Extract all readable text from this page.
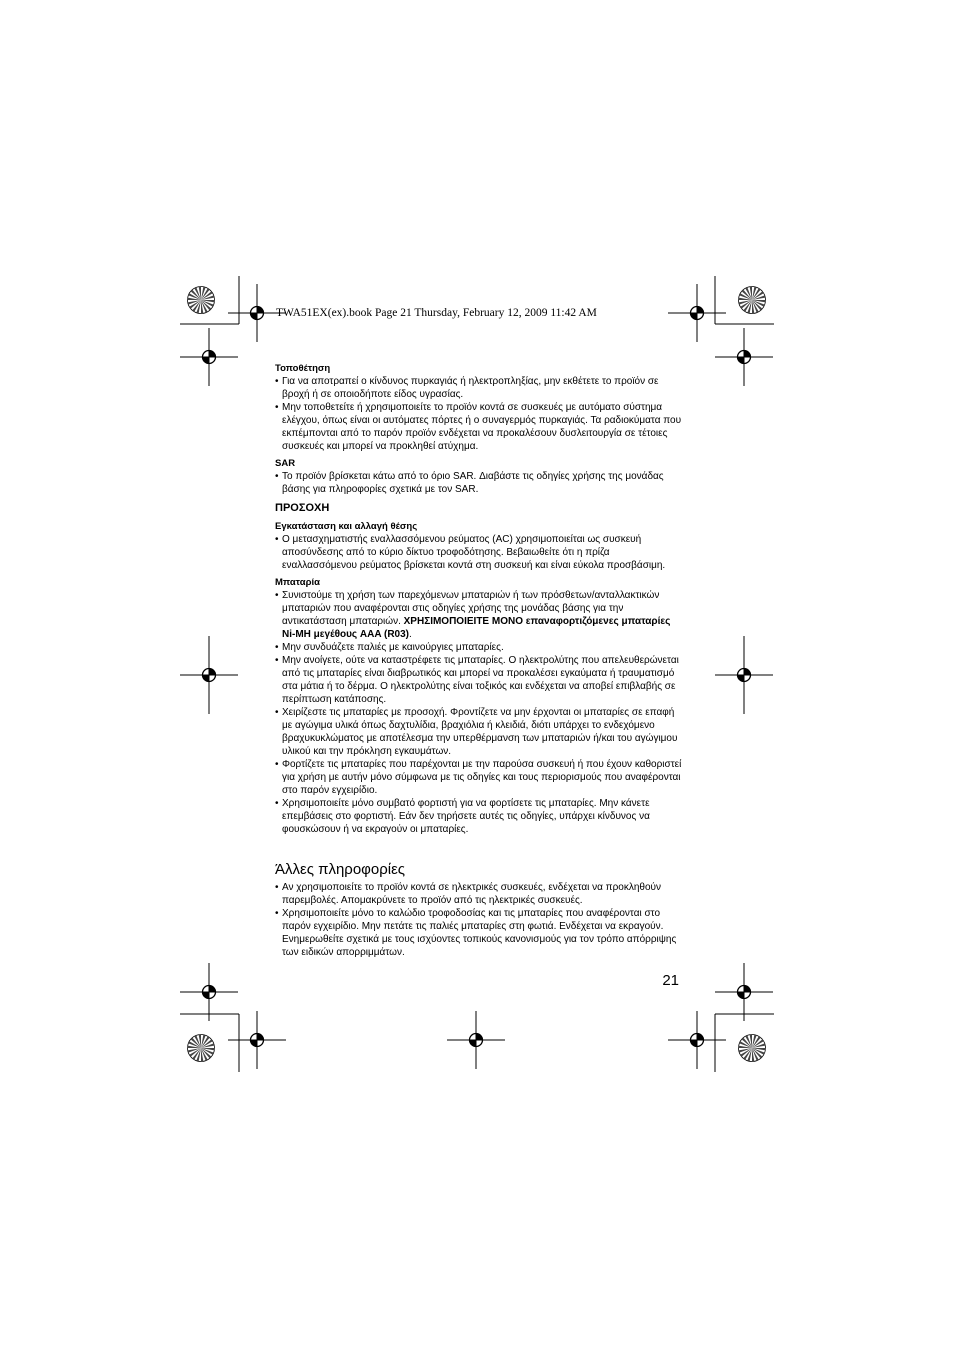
TWA51EX(ex).book Page 21 Thursday, February 12, 2009 11:42 AM
Τοποθέτηση
• Για να αποτραπεί ο κίνδυνος πυρκαγιάς ή ηλεκτροπληξίας, μην εκθέτετε το προϊόν σε βροχή ή σε οποιοδήποτε είδος υγρασίας.
• Μην τοποθετείτε ή χρησιμοποιείτε το προϊόν κοντά σε συσκευές με αυτόματο σύστημα ελέγχου, όπως είναι οι αυτόματες πόρτες ή ο συναγερμός πυρκαγιάς. Τα ραδιοκύματα που εκπέμπονται από το παρόν προϊόν ενδέχεται να προκαλέσουν δυσλειτουργία σε τέτοιες συσκευές και μπορεί να προκληθεί ατύχημα.
SAR
• Το προϊόν βρίσκεται κάτω από το όριο SAR. Διαβάστε τις οδηγίες χρήσης της μονάδας βάσης για πληροφορίες σχετικά με τον SAR.
ΠΡΟΣΟΧΗ
Εγκατάσταση και αλλαγή θέσης
• Ο μετασχηματιστής εναλλασσόμενου ρεύματος (AC) χρησιμοποιείται ως συσκευή αποσύνδεσης από το κύριο δίκτυο τροφοδότησης. Βεβαιωθείτε ότι η πρίζα εναλλασσόμενου ρεύματος βρίσκεται κοντά στη συσκευή και είναι εύκολα προσβάσιμη.
Μπαταρία
• Συνιστούμε τη χρήση των παρεχόμενων μπαταριών ή των πρόσθετων/ανταλλακτικών μπαταριών που αναφέρονται στις οδηγίες χρήσης της μονάδας βάσης για την αντικατάσταση μπαταριών. ΧΡΗΣΙΜΟΠΟΙΕΙΤΕ ΜΟΝΟ επαναφορτιζόμενες μπαταρίες Ni-MH μεγέθους AAA (R03).
• Μην συνδυάζετε παλιές με καινούργιες μπαταρίες.
• Μην ανοίγετε, ούτε να καταστρέφετε τις μπαταρίες. Ο ηλεκτρολύτης που απελευθερώνεται από τις μπαταρίες είναι διαβρωτικός και μπορεί να προκαλέσει εγκαύματα ή τραυματισμό στα μάτια ή το δέρμα. Ο ηλεκτρολύτης είναι τοξικός και ενδέχεται να αποβεί επιβλαβής σε περίπτωση κατάποσης.
• Χειρίζεστε τις μπαταρίες με προσοχή. Φροντίζετε να μην έρχονται οι μπαταρίες σε επαφή με αγώγιμα υλικά όπως δαχτυλίδια, βραχιόλια ή κλειδιά, διότι υπάρχει το ενδεχόμενο βραχυκυκλώματος με αποτέλεσμα την υπερθέρμανση των μπαταριών ή/και του αγώγιμου υλικού και την πρόκληση εγκαυμάτων.
• Φορτίζετε τις μπαταρίες που παρέχονται με την παρούσα συσκευή ή που έχουν καθοριστεί για χρήση με αυτήν μόνο σύμφωνα με τις οδηγίες και τους περιορισμούς που αναφέρονται στο παρόν εγχειρίδιο.
• Χρησιμοποιείτε μόνο συμβατό φορτιστή για να φορτίσετε τις μπαταρίες. Μην κάνετε επεμβάσεις στο φορτιστή. Εάν δεν τηρήσετε αυτές τις οδηγίες, υπάρχει κίνδυνος να φουσκώσουν ή να εκραγούν οι μπαταρίες.
Άλλες πληροφορίες
• Αν χρησιμοποιείτε το προϊόν κοντά σε ηλεκτρικές συσκευές, ενδέχεται να προκληθούν παρεμβολές. Απομακρύνετε το προϊόν από τις ηλεκτρικές συσκευές.
• Χρησιμοποιείτε μόνο το καλώδιο τροφοδοσίας και τις μπαταρίες που αναφέρονται στο παρόν εγχειρίδιο. Μην πετάτε τις παλιές μπαταρίες στη φωτιά. Ενδέχεται να εκραγούν. Ενημερωθείτε σχετικά με τους ισχύοντες τοπικούς κανονισμούς για τον τρόπο απόρριψης των ειδικών απορριμμάτων.
21
